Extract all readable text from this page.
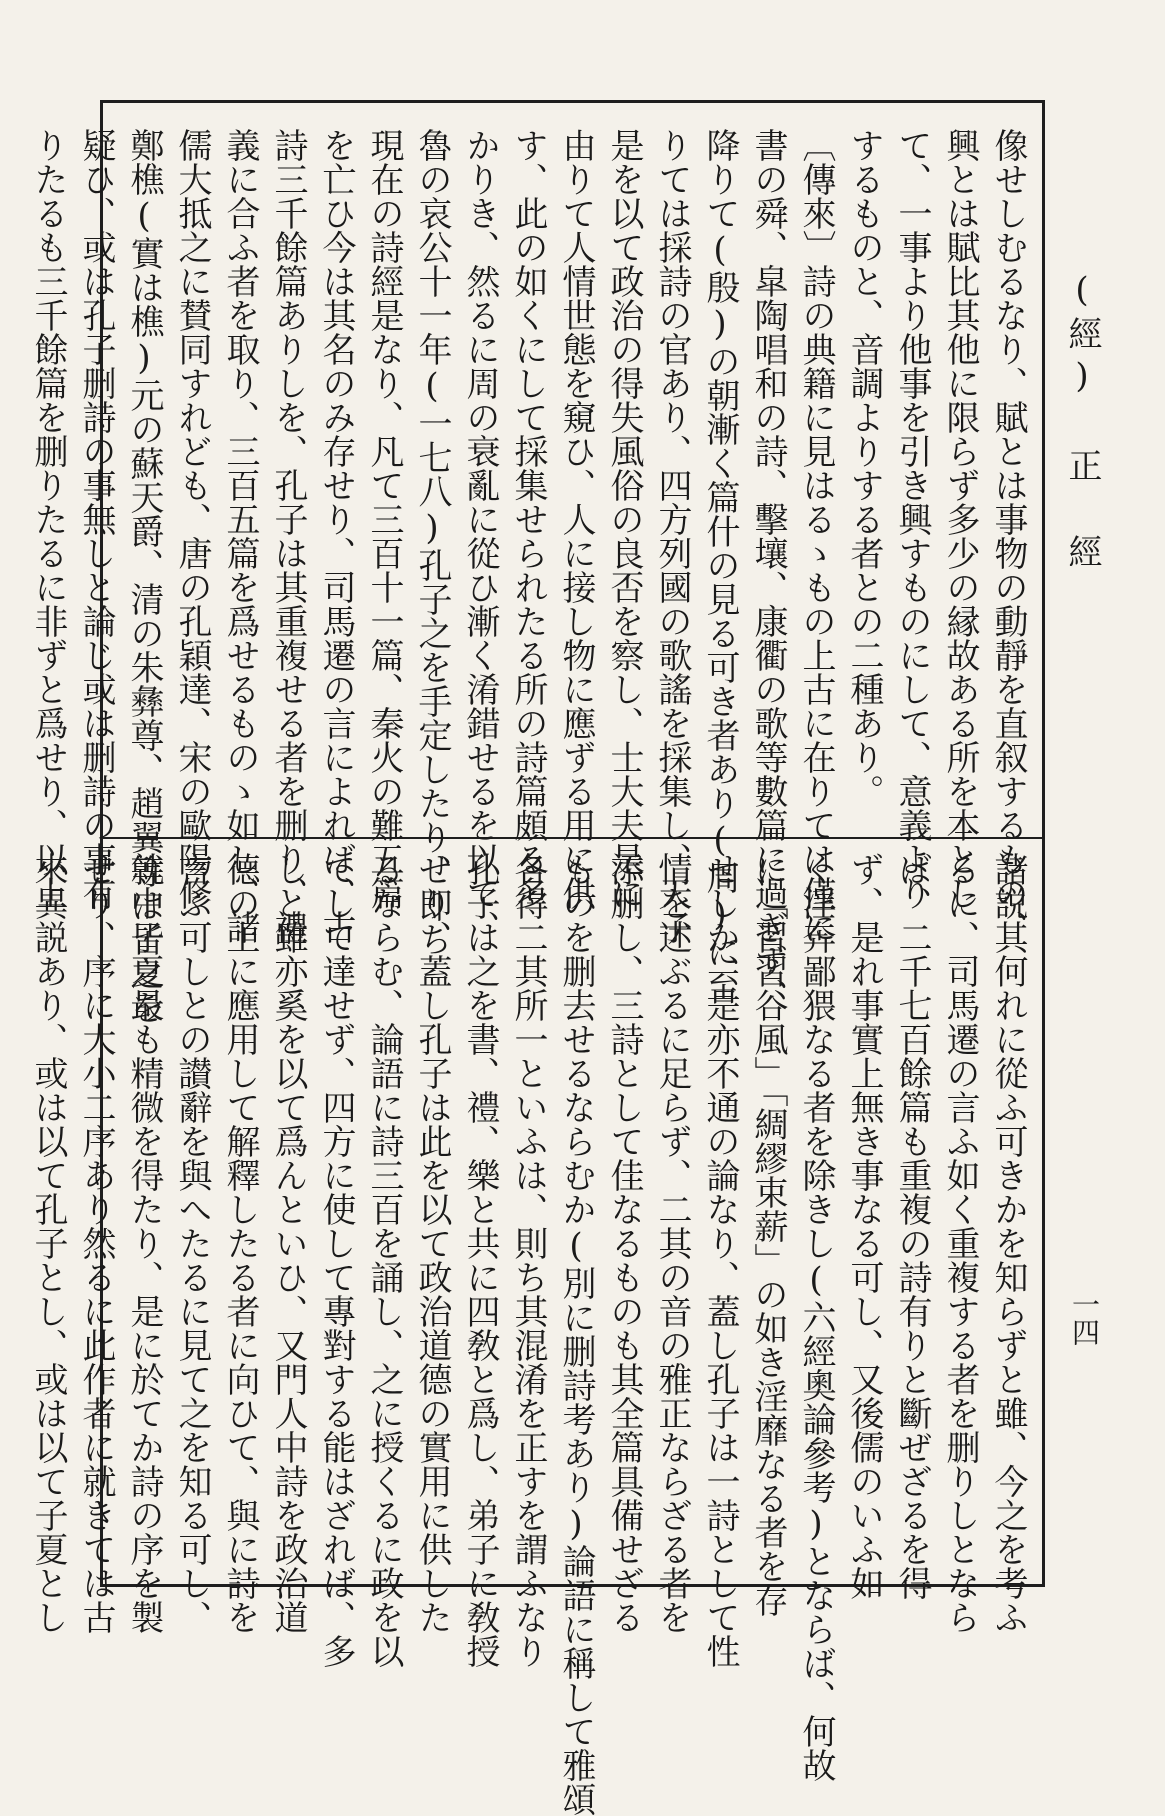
(經) 正 經
一四
像せしむるなり、賦とは事物の動靜を直叙するもの、
興とは賦比其他に限らず多少の縁故ある所を本とし
て、一事より他事を引き興すものにして、意義より
するものと、音調よりする者との二種あり。
〔傳來〕詩の典籍に見はるゝもの上古に在りては僅に
書の舜、皐陶唱和の詩、擊壤、康衢の歌等數篇に過ぎず、
降りて(殷)の朝漸く篇什の見る可き者あり(周)に至
りては採詩の官あり、四方列國の歌謠を採集し、天子
是を以て政治の得失風俗の良否を察し、士大夫是に
由りて人情世態を窺ひ、人に接し物に應ずる用に供
す、此の如くにして採集せられたる所の詩篇頗る多
かりき、然るに周の衰亂に從ひ漸く淆錯せるを以て、
魯の哀公十一年(一七八)孔子之を手定したり、即ち
現在の詩經是なり、凡て三百十一篇、秦火の難五篇
を亡ひ今は其名のみ存せり、司馬遷の言によれば、古
詩三千餘篇ありしを、孔子は其重複せる者を删り、禮
義に合ふ者を取り、三百五篇を爲せるものゝ如し、諸
儒大抵之に賛同すれども、唐の孔穎達、宋の歐陽修
鄭樵(實は樵)元の蘇天爵、清の朱彝尊、趙翼等は皆之を
疑ひ、或は孔子删詩の事無しと論じ或は删詩の事有
りたるも三千餘篇を删りたるに非ずと爲せり、以上
諸説其何れに從ふ可きかを知らずと雖、今之を考ふ
るに、司馬遷の言ふ如く重複する者を删りしとなら
ば、二千七百餘篇も重複の詩有りと斷ぜざるを得
ず、是れ事實上無き事なる可し、又後儒のいふ如
く淫奔鄙猥なる者を除きし(六經奧論參考)とならば、何故
に「習習谷風」「綢繆束薪」の如き淫靡なる者を存
せしか、是亦不通の論なり、蓋し孔子は一詩として性
情を述ぶるに足らず、二其の音の雅正ならざる者を
添删し、三詩として佳なるものも其全篇具備せざる
ものを删去せるならむか(別に删詩考あり)論語に稱して雅頌
各得二其所一といふは、則ち其混淆を正すを謂ふなり
孔子は之を書、禮、樂と共に四敎と爲し、弟子に敎授
せり、蓋し孔子は此を以て政治道德の實用に供した
るならむ、論語に詩三百を誦し、之に授くるに政を以
てして達せず、四方に使して專對する能はざれば、多
しと雖亦奚を以て爲んといひ、又門人中詩を政治道
德の上に應用して解釋したる者に向ひて、與に詩を
言ふ可しとの讃辭を與へたるに見て之を知る可し、
就中子夏最も精微を得たり、是に於てか詩の序を製
せり、序に大小二序あり然るに此作者に就きては古
來異説あり、或は以て孔子とし、或は以て子夏とし
